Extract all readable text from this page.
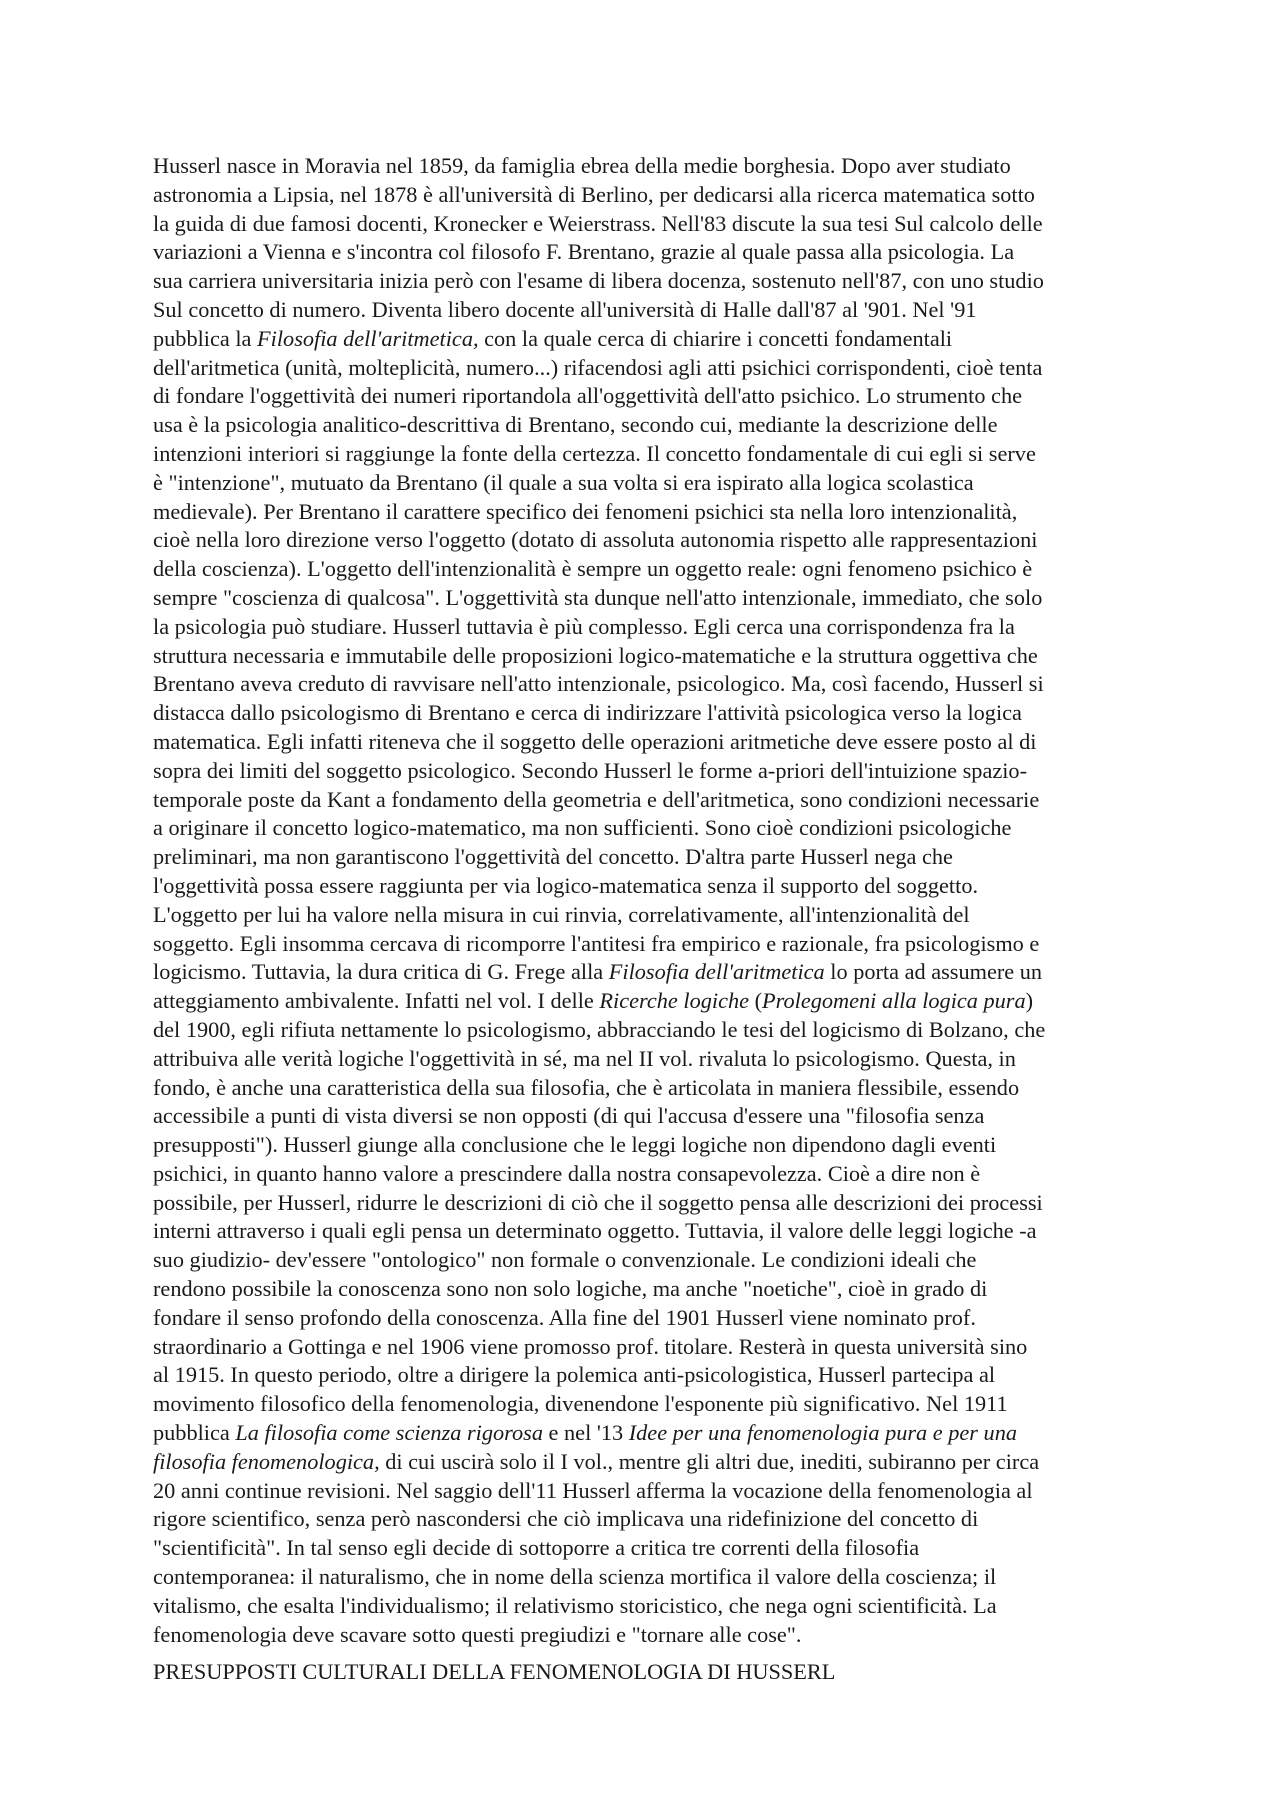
Husserl nasce in Moravia nel 1859, da famiglia ebrea della medie borghesia. Dopo aver studiato
astronomia a Lipsia, nel 1878 è all'università di Berlino, per dedicarsi alla ricerca matematica sotto
la guida di due famosi docenti, Kronecker e Weierstrass. Nell'83 discute la sua tesi Sul calcolo delle
variazioni a Vienna e s'incontra col filosofo F. Brentano, grazie al quale passa alla psicologia. La
sua carriera universitaria inizia però con l'esame di libera docenza, sostenuto nell'87, con uno studio
Sul concetto di numero. Diventa libero docente all'università di Halle dall'87 al '901. Nel '91
pubblica la Filosofia dell'aritmetica, con la quale cerca di chiarire i concetti fondamentali
dell'aritmetica (unità, molteplicità, numero...) rifacendosi agli atti psichici corrispondenti, cioè tenta
di fondare l'oggettività dei numeri riportandola all'oggettività dell'atto psichico. Lo strumento che
usa è la psicologia analitico-descrittiva di Brentano, secondo cui, mediante la descrizione delle
intenzioni interiori si raggiunge la fonte della certezza. Il concetto fondamentale di cui egli si serve
è "intenzione", mutuato da Brentano (il quale a sua volta si era ispirato alla logica scolastica
medievale). Per Brentano il carattere specifico dei fenomeni psichici sta nella loro intenzionalità,
cioè nella loro direzione verso l'oggetto (dotato di assoluta autonomia rispetto alle rappresentazioni
della coscienza). L'oggetto dell'intenzionalità è sempre un oggetto reale: ogni fenomeno psichico è
sempre "coscienza di qualcosa". L'oggettività sta dunque nell'atto intenzionale, immediato, che solo
la psicologia può studiare. Husserl tuttavia è più complesso. Egli cerca una corrispondenza fra la
struttura necessaria e immutabile delle proposizioni logico-matematiche e la struttura oggettiva che
Brentano aveva creduto di ravvisare nell'atto intenzionale, psicologico. Ma, così facendo, Husserl si
distacca dallo psicologismo di Brentano e cerca di indirizzare l'attività psicologica verso la logica
matematica. Egli infatti riteneva che il soggetto delle operazioni aritmetiche deve essere posto al di
sopra dei limiti del soggetto psicologico. Secondo Husserl le forme a-priori dell'intuizione spazio-
temporale poste da Kant a fondamento della geometria e dell'aritmetica, sono condizioni necessarie
a originare il concetto logico-matematico, ma non sufficienti. Sono cioè condizioni psicologiche
preliminari, ma non garantiscono l'oggettività del concetto. D'altra parte Husserl nega che
l'oggettività possa essere raggiunta per via logico-matematica senza il supporto del soggetto.
L'oggetto per lui ha valore nella misura in cui rinvia, correlativamente, all'intenzionalità del
soggetto. Egli insomma cercava di ricomporre l'antitesi fra empirico e razionale, fra psicologismo e
logicismo. Tuttavia, la dura critica di G. Frege alla Filosofia dell'aritmetica lo porta ad assumere un
atteggiamento ambivalente. Infatti nel vol. I delle Ricerche logiche (Prolegomeni alla logica pura)
del 1900, egli rifiuta nettamente lo psicologismo, abbracciando le tesi del logicismo di Bolzano, che
attribuiva alle verità logiche l'oggettività in sé, ma nel II vol. rivaluta lo psicologismo. Questa, in
fondo, è anche una caratteristica della sua filosofia, che è articolata in maniera flessibile, essendo
accessibile a punti di vista diversi se non opposti (di qui l'accusa d'essere una "filosofia senza
presupposti"). Husserl giunge alla conclusione che le leggi logiche non dipendono dagli eventi
psichici, in quanto hanno valore a prescindere dalla nostra consapevolezza. Cioè a dire non è
possibile, per Husserl, ridurre le descrizioni di ciò che il soggetto pensa alle descrizioni dei processi
interni attraverso i quali egli pensa un determinato oggetto. Tuttavia, il valore delle leggi logiche -a
suo giudizio- dev'essere "ontologico" non formale o convenzionale. Le condizioni ideali che
rendono possibile la conoscenza sono non solo logiche, ma anche "noetiche", cioè in grado di
fondare il senso profondo della conoscenza. Alla fine del 1901 Husserl viene nominato prof.
straordinario a Gottinga e nel 1906 viene promosso prof. titolare. Resterà in questa università sino
al 1915. In questo periodo, oltre a dirigere la polemica anti-psicologistica, Husserl partecipa al
movimento filosofico della fenomenologia, divenendone l'esponente più significativo. Nel 1911
pubblica La filosofia come scienza rigorosa e nel '13 Idee per una fenomenologia pura e per una
filosofia fenomenologica, di cui uscirà solo il I vol., mentre gli altri due, inediti, subiranno per circa
20 anni continue revisioni. Nel saggio dell'11 Husserl afferma la vocazione della fenomenologia al
rigore scientifico, senza però nascondersi che ciò implicava una ridefinizione del concetto di
"scientificità". In tal senso egli decide di sottoporre a critica tre correnti della filosofia
contemporanea: il naturalismo, che in nome della scienza mortifica il valore della coscienza; il
vitalismo, che esalta l'individualismo; il relativismo storicistico, che nega ogni scientificità. La
fenomenologia deve scavare sotto questi pregiudizi e "tornare alle cose".
PRESUPPOSTI CULTURALI DELLA FENOMENOLOGIA DI HUSSERL
